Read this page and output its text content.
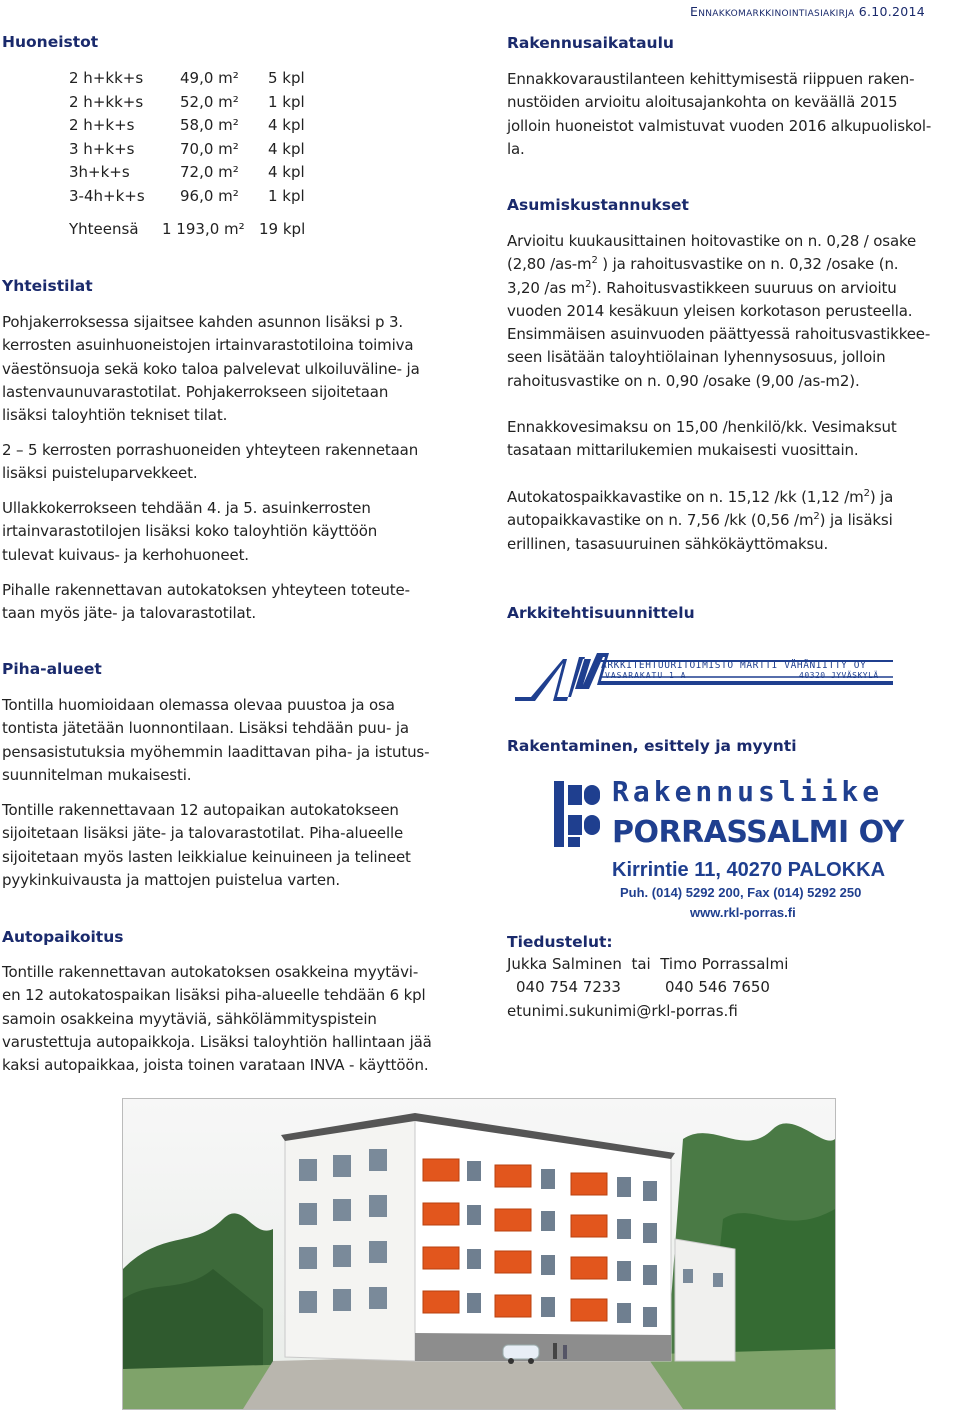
Ennakkomarkkinointiasiakirja 6.10.2014
Huoneistot
2 h+kk+s
2 h+kk+s
2 h+k+s
3 h+k+s
3h+k+s
3-4h+k+s
49,0 m²
52,0 m²
58,0 m²
70,0 m²
72,0 m²
96,0 m²
5 kpl
1 kpl
4 kpl
4 kpl
4 kpl
1 kpl
Yhteensä 1 193,0 m² 19 kpl
Yhteistilat
Pohjakerroksessa sijaitsee kahden asunnon lisäksi p 3.
kerrosten asuinhuoneistojen irtainvarastotiloina toimiva
väestönsuoja sekä koko taloa palvelevat ulkoiluväline- ja
lastenvaunuvarastotilat. Pohjakerrokseen sijoitetaan
lisäksi taloyhtiön tekniset tilat.
2 – 5 kerrosten porrashuoneiden yhteyteen rakennetaan
lisäksi puisteluparvekkeet.
Ullakkokerrokseen tehdään 4. ja 5. asuinkerrosten
irtainvarastotilojen lisäksi koko taloyhtiön käyttöön
tulevat kuivaus- ja kerhohuoneet.
Pihalle rakennettavan autokatoksen yhteyteen toteute-
taan myös jäte- ja talovarastotilat.
Piha-alueet
Tontilla huomioidaan olemassa olevaa puustoa ja osa
tontista jätetään luonnontilaan. Lisäksi tehdään puu- ja
pensasistutuksia myöhemmin laadittavan piha- ja istutus-
suunnitelman mukaisesti.
Tontille rakennettavaan 12 autopaikan autokatokseen
sijoitetaan lisäksi jäte- ja talovarastotilat. Piha-alueelle
sijoitetaan myös lasten leikkialue keinuineen ja telineet
pyykinkuivausta ja mattojen puistelua varten.
Autopaikoitus
Tontille rakennettavan autokatoksen osakkeina myytävi-
en 12 autokatospaikan lisäksi piha-alueelle tehdään 6 kpl
samoin osakkeina myytäviä, sähkölämmityspistein
varustettuja autopaikkoja. Lisäksi taloyhtiön hallintaan jää
kaksi autopaikkaa, joista toinen varataan INVA - käyttöön.
Rakennusaikataulu
Ennakkovaraustilanteen kehittymisestä riippuen raken-
nustöiden arvioitu aloitusajankohta on keväällä 2015
jolloin huoneistot valmistuvat vuoden 2016 alkupuoliskol-
la.
Asumiskustannukset
Arvioitu kuukausittainen hoitovastike on n. 0,28 / osake
(2,80 $/as-m^2$ ) ja rahoitusvastike on n. 0,32 /osake (n.
3,20 /as $m^2$). Rahoitusvastikkeen suuruus on arvioitu
vuoden 2014 kesäkuun yleisen korkotason perusteella.
Ensimmäisen asuinvuoden päättyessä rahoitusvastikkee-
seen lisätään taloyhtiölainan lyhennysosuus, jolloin
rahoitusvastike on n. 0,90 /osake (9,00 /as-m2).
Ennakkovesimaksu on 15,00 /henkilö/kk. Vesimaksut
tasataan mittarilukemien mukaisesti vuosittain.
Autokatospaikkavastike on n. 15,12 /kk (1,12 $/m^2$) ja
autopaikkavastike on n. 7,56 /kk (0,56 $/m^2$) ja lisäksi
erillinen, tasasuuruinen sähkökäyttömaksu.
Arkkitehtisuunnittelu
ARKKITEHTUURITOIMISTO MARTTI VÄHÄNIITTY OY
VASARAKATU 1 A	40320 JYVÄSKYLÄ
Rakentaminen, esittely ja myynti
Rakennusliike
PORRASSALMI OY
Kirrintie 11, 40270 PALOKKA
Puh. (014) 5292 200, Fax (014) 5292 250
www.rkl-porras.fi
Tiedustelut:
Jukka Salminen  tai  Timo Porrassalmi
040 754 7233	040 546 7650
etunimi.sukunimi@rkl-porras.fi
